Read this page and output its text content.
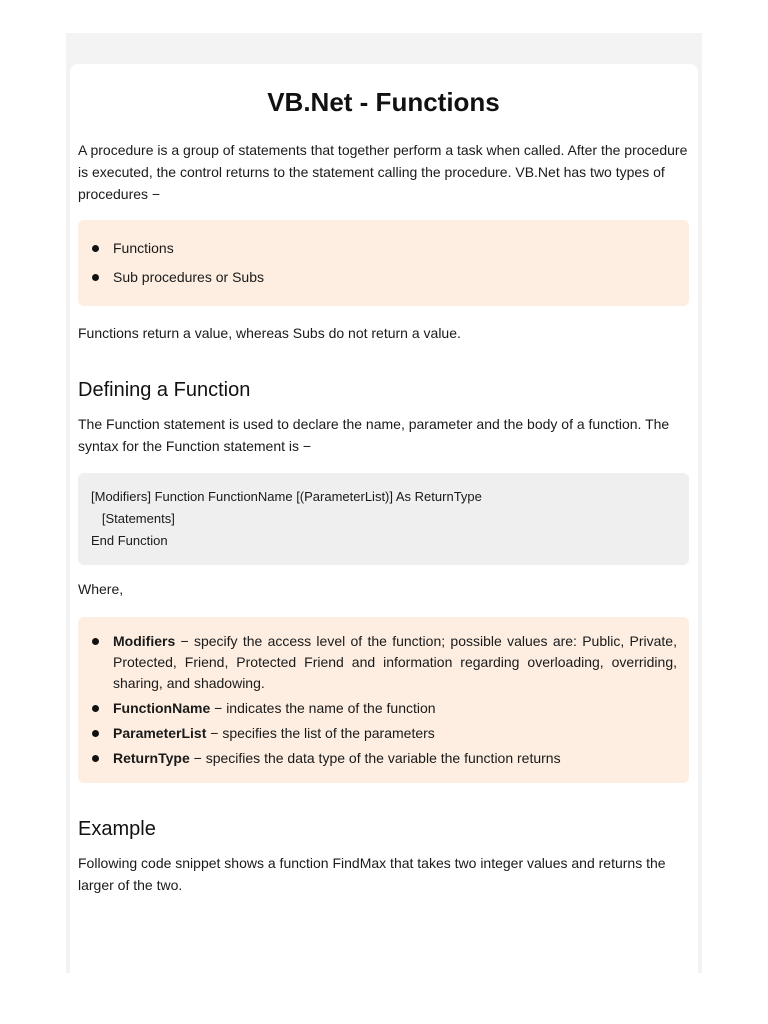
VB.Net - Functions

A procedure is a group of statements that together perform a task when called. After the procedure is executed, the control returns to the statement calling the procedure. VB.Net has two types of procedures −

Functions
Sub procedures or Subs

Functions return a value, whereas Subs do not return a value.

Defining a Function

The Function statement is used to declare the name, parameter and the body of a function. The syntax for the Function statement is −

[Modifiers] Function FunctionName [(ParameterList)] As ReturnType
[Statements]
End Function

Where,

Modifiers − specify the access level of the function; possible values are: Public, Private, Protected, Friend, Protected Friend and information regarding overloading, overriding, sharing, and shadowing.
FunctionName − indicates the name of the function
ParameterList − specifies the list of the parameters
ReturnType − specifies the data type of the variable the function returns
Example

Following code snippet shows a function FindMax that takes two integer values and returns the larger of the two.
